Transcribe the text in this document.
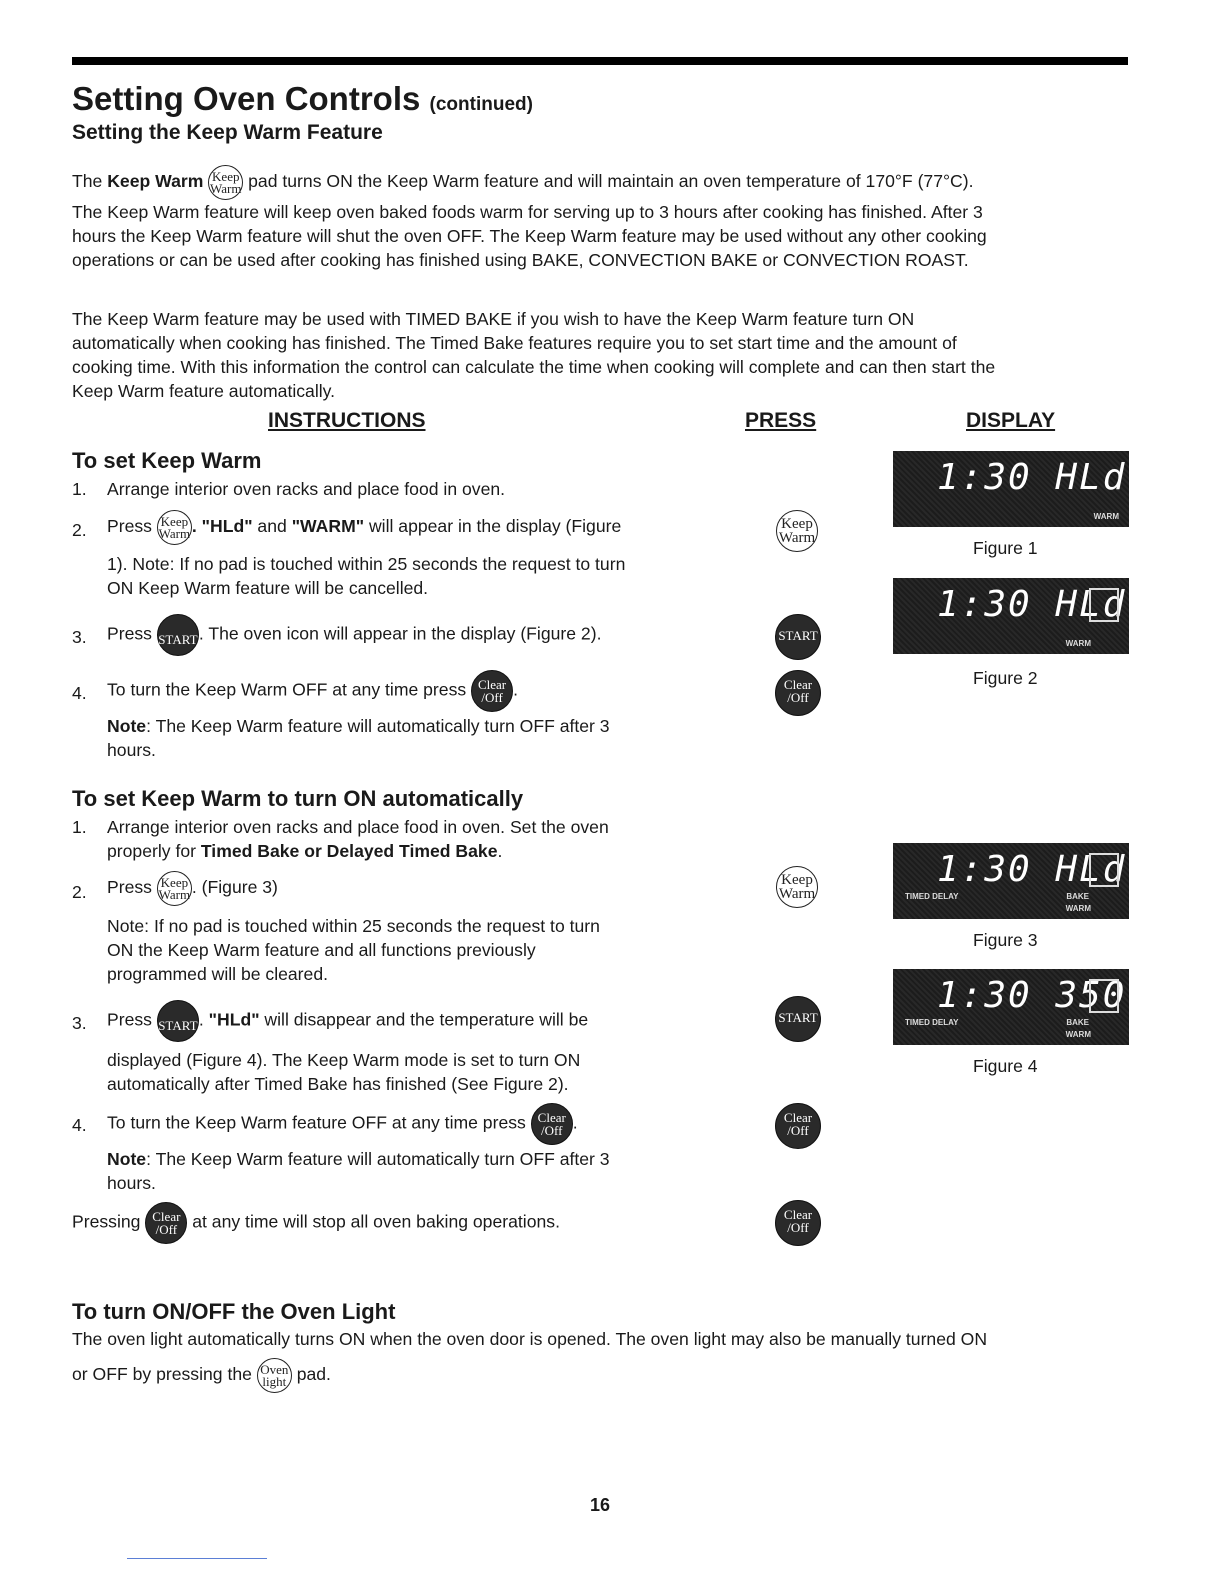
Setting Oven Controls (continued)
Setting the Keep Warm Feature
The Keep Warm Keep
Warm pad turns ON the Keep Warm feature and will maintain an oven temperature of 170°F (77°C).
The Keep Warm feature will keep oven baked foods warm for serving up to 3 hours after cooking has finished. After 3
hours the Keep Warm feature will shut the oven OFF. The Keep Warm feature may be used without any other cooking
operations or can be used after cooking has finished using BAKE, CONVECTION BAKE or CONVECTION ROAST.
The Keep Warm feature may be used with TIMED BAKE if you wish to have the Keep Warm feature turn ON
automatically when cooking has finished. The Timed Bake features require you to set start time and the amount of
cooking time. With this information the control can calculate the time when cooking will complete and can then start the
Keep Warm feature automatically.
INSTRUCTIONS	PRESS	DISPLAY
To set Keep Warm
1. Arrange interior oven racks and place food in oven.
2. Press Keep
Warm . "HLd" and "WARM" will appear in the display (Figure
1). Note: If no pad is touched within 25 seconds the request to turn
ON Keep Warm feature will be cancelled.
3. Press START . The oven icon will appear in the display (Figure 2).
4. To turn the Keep Warm OFF at any time press Clear
/Off .
Note: The Keep Warm feature will automatically turn OFF after 3
hours.
To set Keep Warm to turn ON automatically
1. Arrange interior oven racks and place food in oven. Set the oven
properly for Timed Bake or Delayed Timed Bake.
2. Press Keep
Warm . (Figure 3)
Note: If no pad is touched within 25 seconds the request to turn
ON the Keep Warm feature and all functions previously
programmed will be cleared.
3. Press START . "HLd" will disappear and the temperature will be
displayed (Figure 4). The Keep Warm mode is set to turn ON
automatically after Timed Bake has finished (See Figure 2).
4. To turn the Keep Warm feature OFF at any time press Clear
/Off .
Note: The Keep Warm feature will automatically turn OFF after 3
hours.
Pressing Clear
/Off at any time will stop all oven baking operations.
Keep
Warm
START
Clear
/Off
Keep
Warm
START
Clear
/Off
Clear
/Off
1:30 HLd
WARM
Figure 1
1:30 HLd
WARM
Figure 2
1:30 HLd
TIMED DELAY	BAKE
WARM
Figure 3
1:30 350°
TIMED DELAY	BAKE
WARM
Figure 4
To turn ON/OFF the Oven Light
The oven light automatically turns ON when the oven door is opened. The oven light may also be manually turned ON
or OFF by pressing the Oven
light pad.
16
